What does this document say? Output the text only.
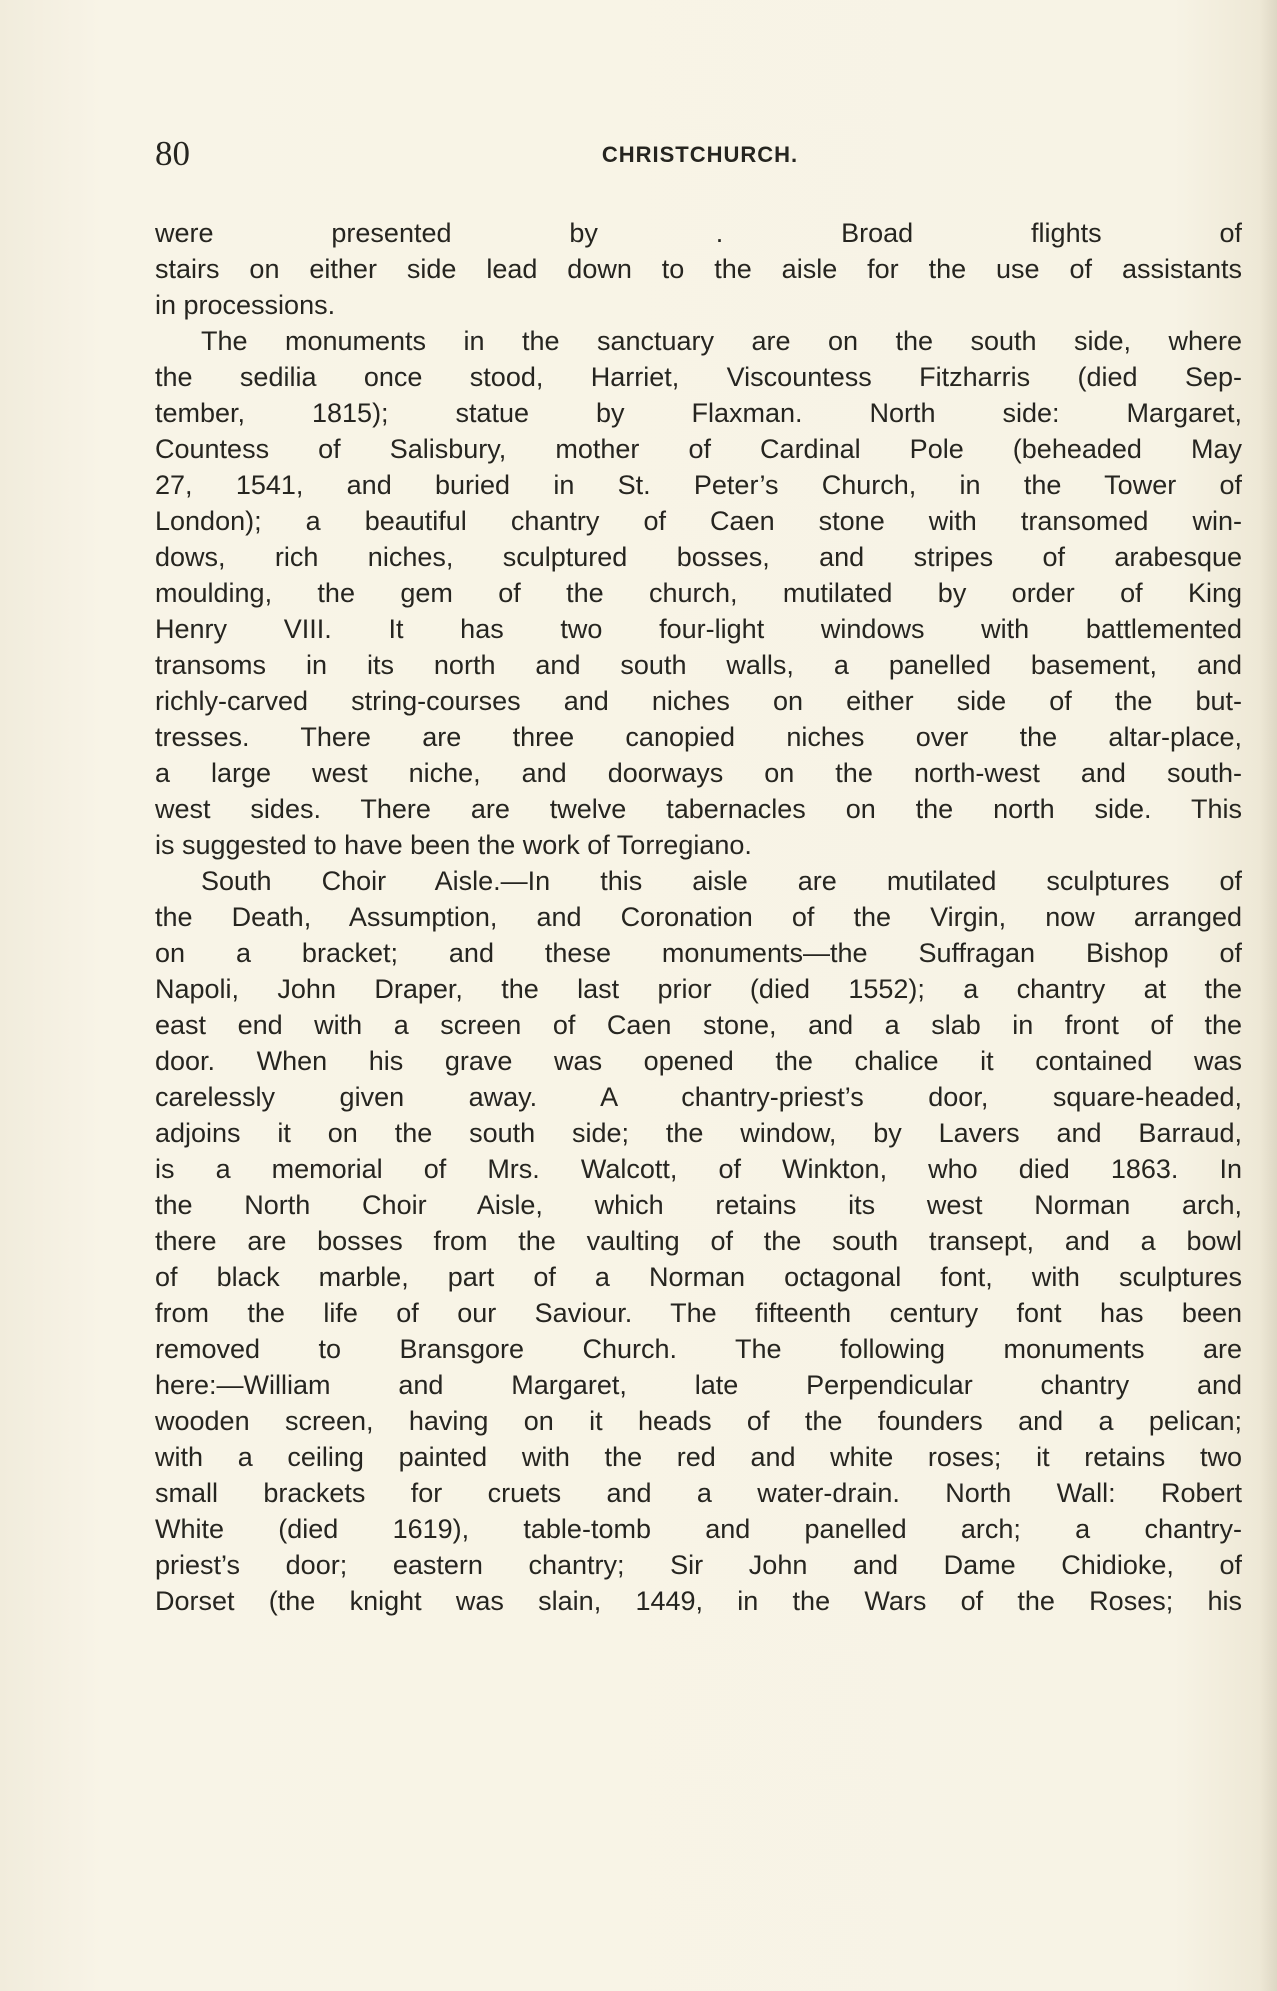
80	CHRISTCHURCH.
were presented by . Broad flights of
stairs on either side lead down to the aisle for the use of assistants
in processions.
The monuments in the sanctuary are on the south side, where
the sedilia once stood, Harriet, Viscountess Fitzharris (died Sep-
tember, 1815); statue by Flaxman. North side: Margaret,
Countess of Salisbury, mother of Cardinal Pole (beheaded May
27, 1541, and buried in St. Peter’s Church, in the Tower of
London); a beautiful chantry of Caen stone with transomed win-
dows, rich niches, sculptured bosses, and stripes of arabesque
moulding, the gem of the church, mutilated by order of King
Henry VIII. It has two four-light windows with battlemented
transoms in its north and south walls, a panelled basement, and
richly-carved string-courses and niches on either side of the but-
tresses. There are three canopied niches over the altar-place,
a large west niche, and doorways on the north-west and south-
west sides. There are twelve tabernacles on the north side. This
is suggested to have been the work of Torregiano.
South Choir Aisle.—In this aisle are mutilated sculptures of
the Death, Assumption, and Coronation of the Virgin, now arranged
on a bracket; and these monuments—the Suffragan Bishop of
Napoli, John Draper, the last prior (died 1552); a chantry at the
east end with a screen of Caen stone, and a slab in front of the
door. When his grave was opened the chalice it contained was
carelessly given away. A chantry-priest’s door, square-headed,
adjoins it on the south side; the window, by Lavers and Barraud,
is a memorial of Mrs. Walcott, of Winkton, who died 1863. In
the North Choir Aisle, which retains its west Norman arch,
there are bosses from the vaulting of the south transept, and a bowl
of black marble, part of a Norman octagonal font, with sculptures
from the life of our Saviour. The fifteenth century font has been
removed to Bransgore Church. The following monuments are
here:—William and Margaret, late Perpendicular chantry and
wooden screen, having on it heads of the founders and a pelican;
with a ceiling painted with the red and white roses; it retains two
small brackets for cruets and a water-drain. North Wall: Robert
White (died 1619), table-tomb and panelled arch; a chantry-
priest’s door; eastern chantry; Sir John and Dame Chidioke, of
Dorset (the knight was slain, 1449, in the Wars of the Roses; his
